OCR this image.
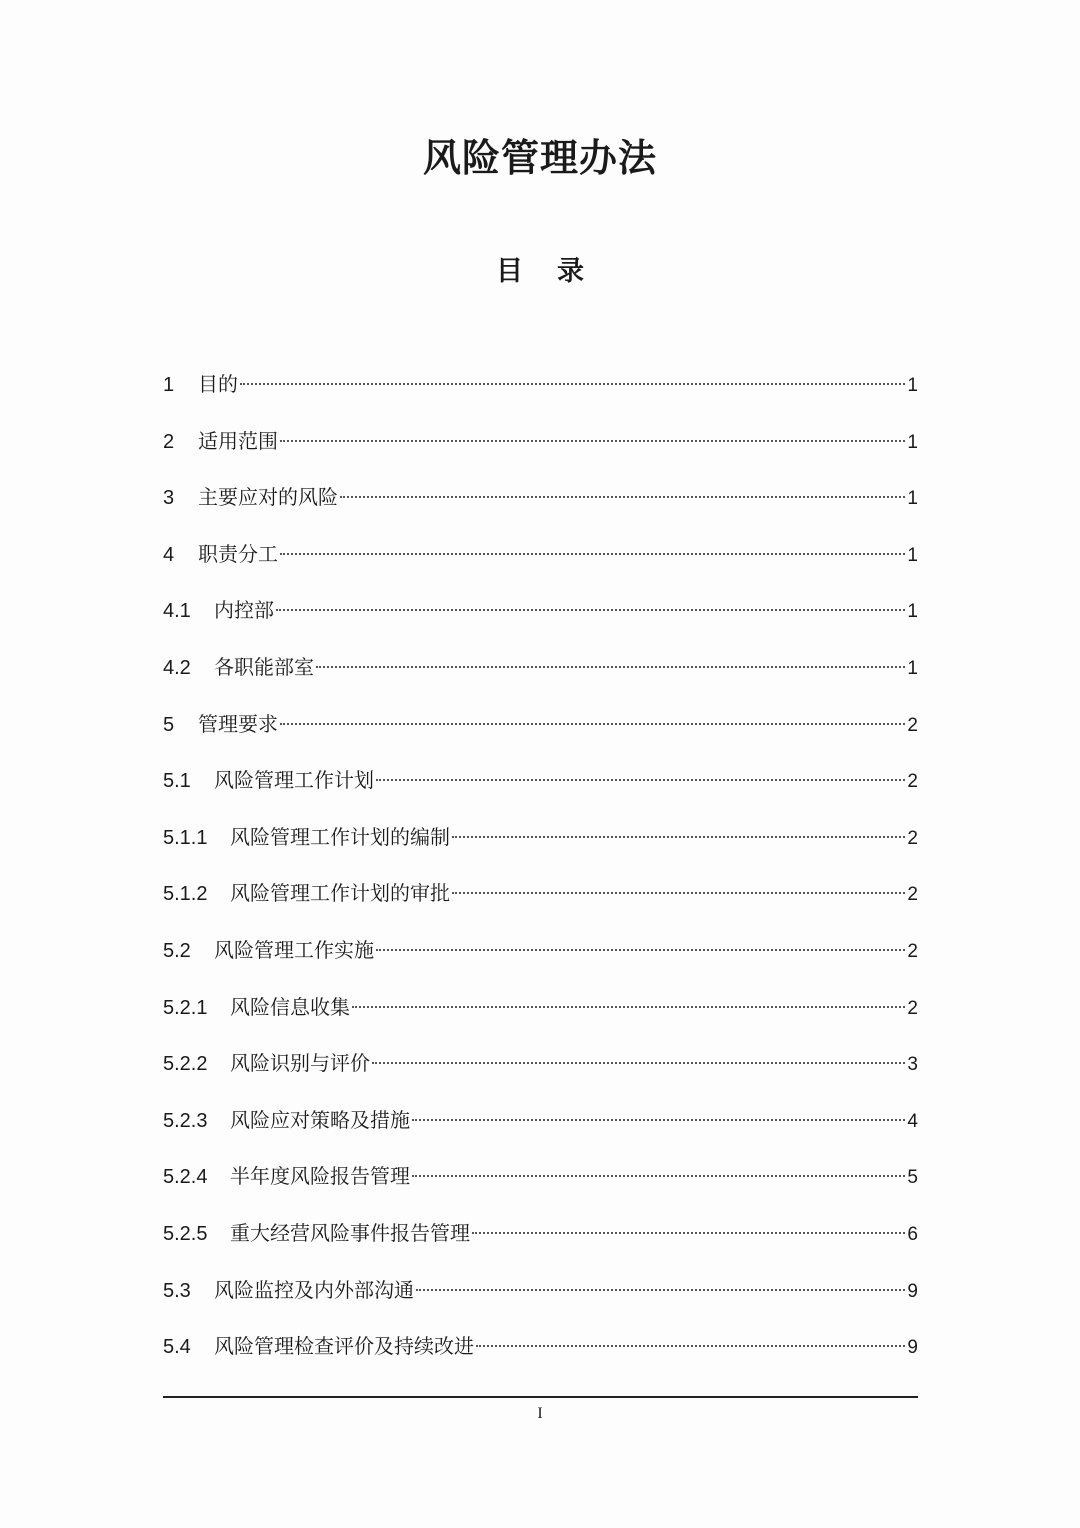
风险管理办法
目 录
1	目的	1
2	适用范围	1
3	主要应对的风险	1
4	职责分工	1
4.1	内控部	1
4.2	各职能部室	1
5	管理要求	2
5.1	风险管理工作计划	2
5.1.1	风险管理工作计划的编制	2
5.1.2	风险管理工作计划的审批	2
5.2	风险管理工作实施	2
5.2.1	风险信息收集	2
5.2.2	风险识别与评价	3
5.2.3	风险应对策略及措施	4
5.2.4	半年度风险报告管理	5
5.2.5	重大经营风险事件报告管理	6
5.3	风险监控及内外部沟通	9
5.4	风险管理检查评价及持续改进	9
I
